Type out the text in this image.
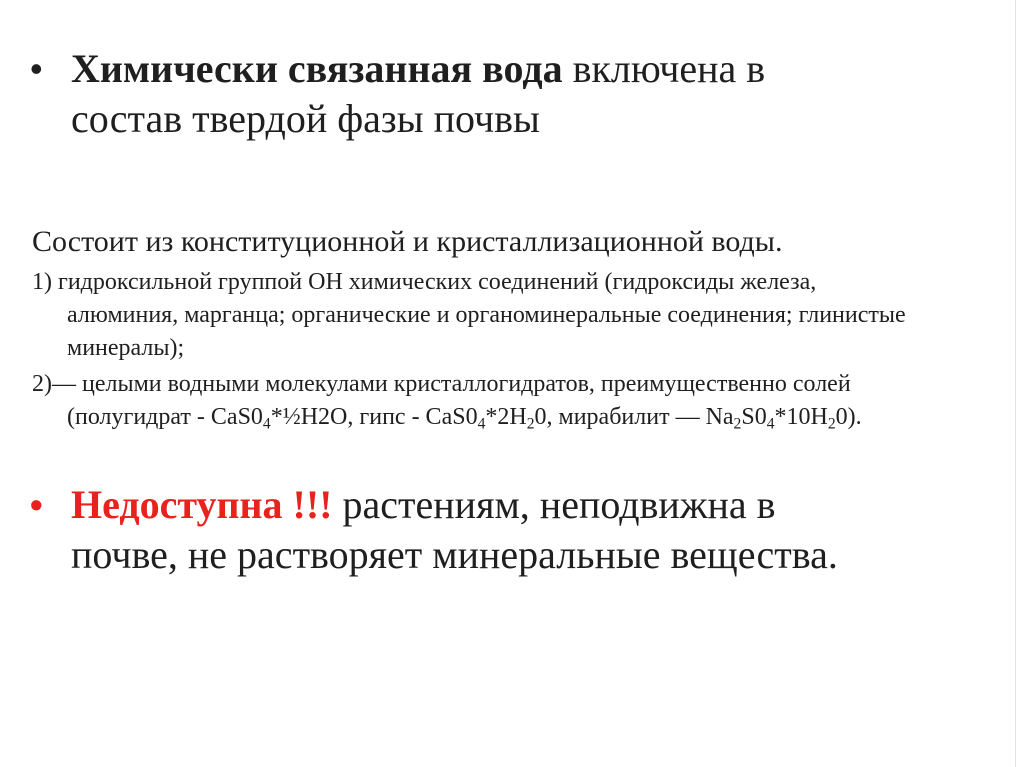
• Химически связанная вода включена в
состав твердой фазы почвы
Состоит из конституционной и кристаллизационной воды.
1) гидроксильной группой ОН химических соединений (гидроксиды железа,
алюминия, марганца; органические и органоминеральные соединения; глинистые
минералы);
2)— целыми водными молекулами кристаллогидратов, преимущественно солей
(полугидрат - $CaS0_4*\frac{1}{2}H2O$, гипс - $CaS0_4*2H_20$, мирабилит — $Na_2S0_4*10H_20$).
• Недоступна !!! растениям, неподвижна в
почве, не растворяет минеральные вещества.
